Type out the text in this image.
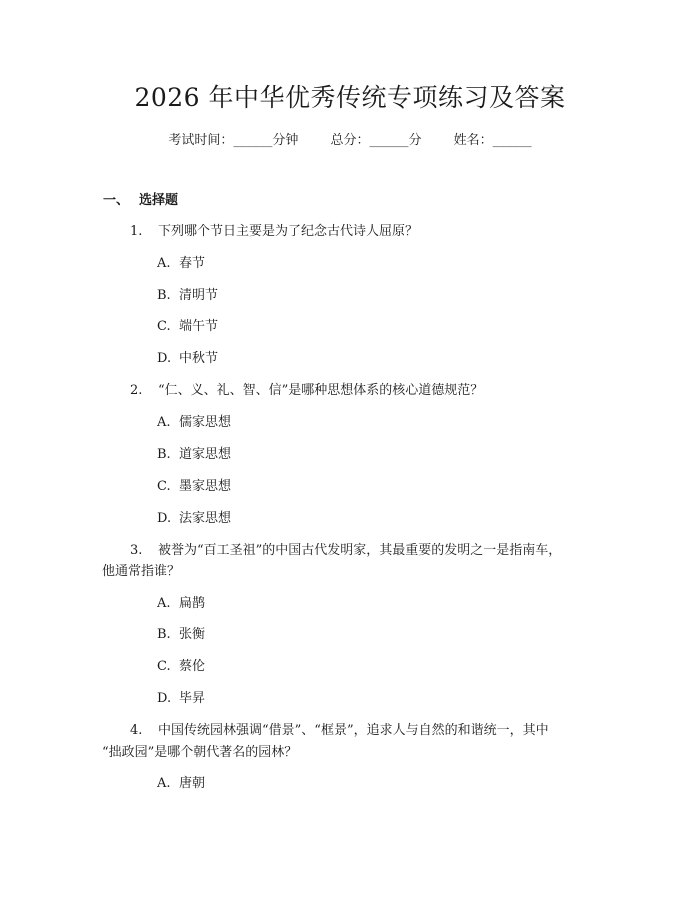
2026 年中华优秀传统专项练习及答案
考试时间：______分钟 总分：______分 姓名：______
一、 选择题
1. 下列哪个节日主要是为了纪念古代诗人屈原？
A. 春节
B. 清明节
C. 端午节
D. 中秋节
2. “仁、义、礼、智、信”是哪种思想体系的核心道德规范？
A. 儒家思想
B. 道家思想
C. 墨家思想
D. 法家思想
3. 被誉为“百工圣祖”的中国古代发明家，其最重要的发明之一是指南车，
他通常指谁？
A. 扁鹊
B. 张衡
C. 蔡伦
D. 毕昇
4. 中国传统园林强调“借景”、“框景”，追求人与自然的和谐统一，其中
“拙政园”是哪个朝代著名的园林？
A. 唐朝
